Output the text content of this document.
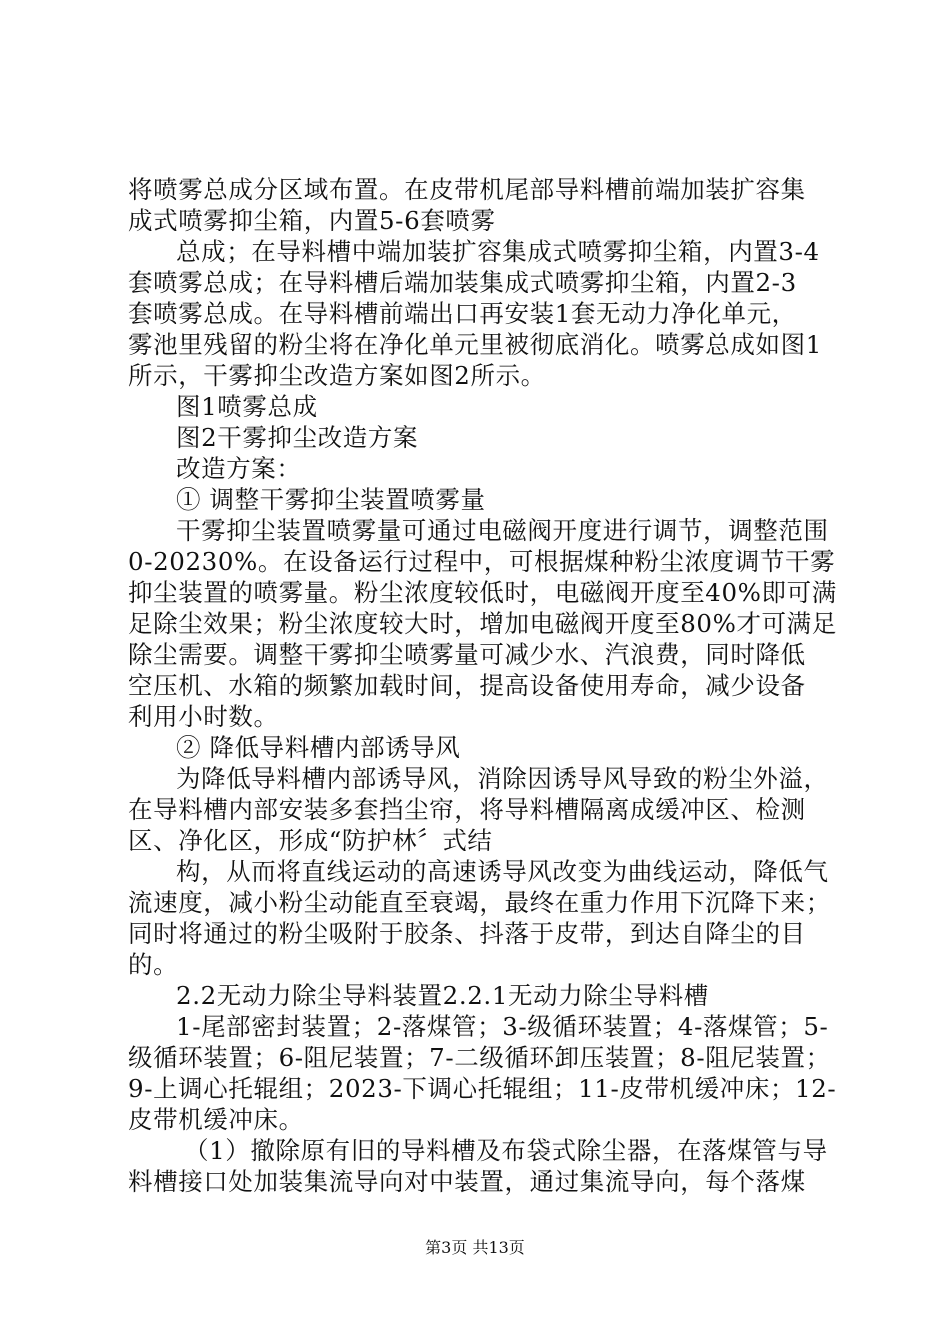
将喷雾总成分区域布置。在皮带机尾部导料槽前端加装扩容集
成式喷雾抑尘箱，内置5-6套喷雾
总成；在导料槽中端加装扩容集成式喷雾抑尘箱，内置3-4
套喷雾总成；在导料槽后端加装集成式喷雾抑尘箱，内置2-3
套喷雾总成。在导料槽前端出口再安装1套无动力净化单元，
雾池里残留的粉尘将在净化单元里被彻底消化。喷雾总成如图1
所示，干雾抑尘改造方案如图2所示。
图1喷雾总成
图2干雾抑尘改造方案
改造方案：
① 调整干雾抑尘装置喷雾量
干雾抑尘装置喷雾量可通过电磁阀开度进行调节，调整范围
0-20230%。在设备运行过程中，可根据煤种粉尘浓度调节干雾
抑尘装置的喷雾量。粉尘浓度较低时，电磁阀开度至40%即可满
足除尘效果；粉尘浓度较大时，增加电磁阀开度至80%才可满足
除尘需要。调整干雾抑尘喷雾量可减少水、汽浪费，同时降低
空压机、水箱的频繁加载时间，提高设备使用寿命，减少设备
利用小时数。
② 降低导料槽内部诱导风
为降低导料槽内部诱导风，消除因诱导风导致的粉尘外溢，
在导料槽内部安装多套挡尘帘，将导料槽隔离成缓冲区、检测
区、净化区，形成“防护林〞式结
构，从而将直线运动的高速诱导风改变为曲线运动，降低气
流速度，减小粉尘动能直至衰竭，最终在重力作用下沉降下来；
同时将通过的粉尘吸附于胶条、抖落于皮带，到达自降尘的目
的。
2.2无动力除尘导料装置2.2.1无动力除尘导料槽
1-尾部密封装置；2-落煤管；3-级循环装置；4-落煤管；5-
级循环装置；6-阻尼装置；7-二级循环卸压装置；8-阻尼装置；
9-上调心托辊组；2023-下调心托辊组；11-皮带机缓冲床；12-
皮带机缓冲床。
（1）撤除原有旧的导料槽及布袋式除尘器，在落煤管与导
料槽接口处加装集流导向对中装置，通过集流导向，每个落煤
第3页 共13页
